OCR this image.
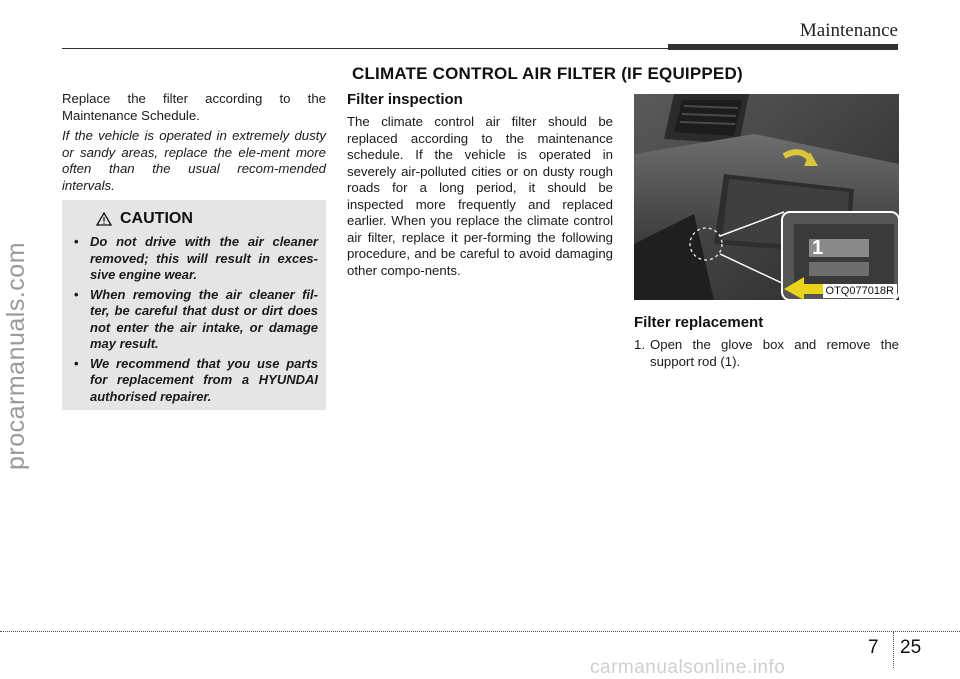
Maintenance
CLIMATE CONTROL AIR FILTER (IF EQUIPPED)

Replace the filter according to the Maintenance Schedule.

If the vehicle is operated in extremely dusty or sandy areas, replace the ele-ment more often than the usual recom-mended intervals.

CAUTION
• Do not drive with the air cleaner removed; this will result in exces-sive engine wear.
• When removing the air cleaner fil-ter, be careful that dust or dirt does not enter the air intake, or damage may result.
• We recommend that you use parts for replacement from a HYUNDAI authorised repairer.
Filter inspection

The climate control air filter should be replaced according to the maintenance schedule. If the vehicle is operated in severely air-polluted cities or on dusty rough roads for a long period, it should be inspected more frequently and replaced earlier. When you replace the climate control air filter, replace it per-forming the following procedure, and be careful to avoid damaging other compo-nents.

1
OTQ077018R
Filter replacement
1. Open the glove box and remove the support rod (1).
procarmanuals.com
7 25
carmanualsonline.info
